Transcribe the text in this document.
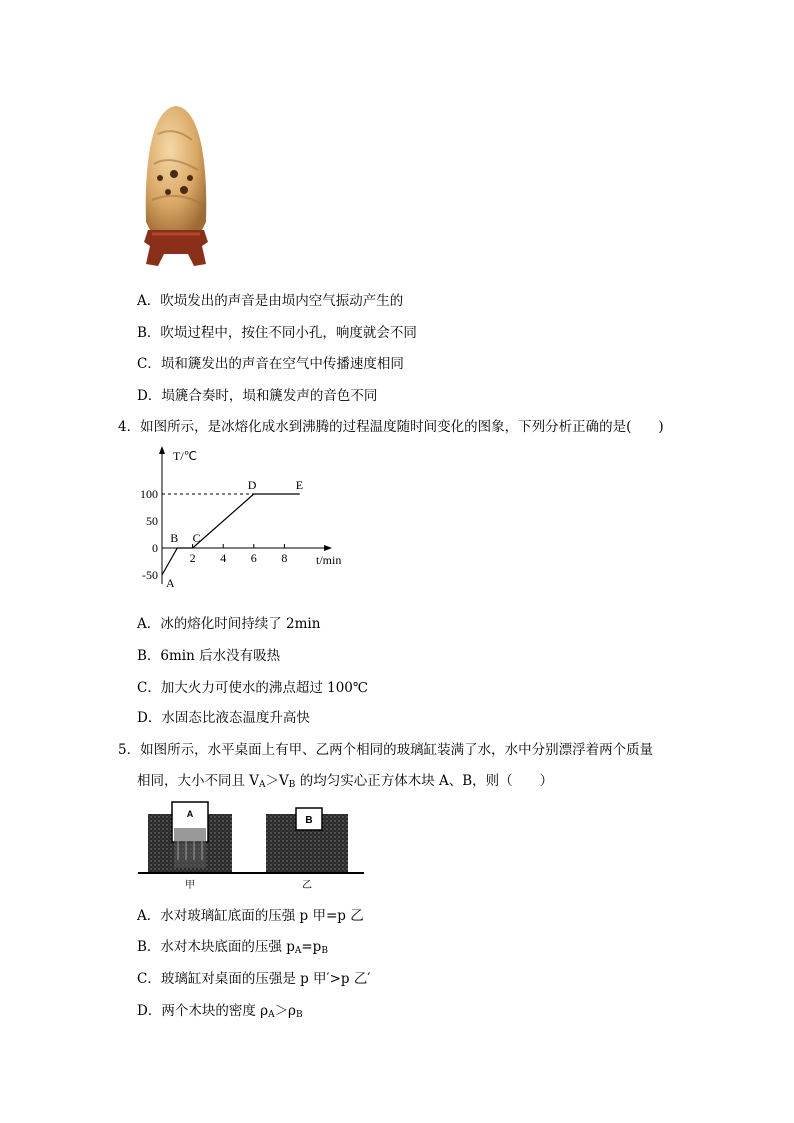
A．吹埙发出的声音是由埙内空气振动产生的
B．吹埙过程中，按住不同小孔，响度就会不同
C．埙和篪发出的声音在空气中传播速度相同
D．埙篪合奏时，埙和篪发声的音色不同
4．如图所示，是冰熔化成水到沸腾的过程温度随时间变化的图象，下列分析正确的是(　　)
T/℃
t/min
2 4 6 8
100
50
0
-50
A
B C
D	E
A．冰的熔化时间持续了 2min
B．6min 后水没有吸热
C．加大火力可使水的沸点超过 100℃
D．水固态比液态温度升高快
5．如图所示，水平桌面上有甲、乙两个相同的玻璃缸装满了水，水中分别漂浮着两个质量
相同，大小不同且 $V_A>V_B$ 的均匀实心正方体木块 A、B，则（　　）
A
B
甲	乙
A．水对玻璃缸底面的压强 p 甲=p 乙
B．水对木块底面的压强 $p_A=p_B$
C．玻璃缸对桌面的压强是 p 甲′>p 乙′
D．两个木块的密度 $\rho_A>\rho_B$
